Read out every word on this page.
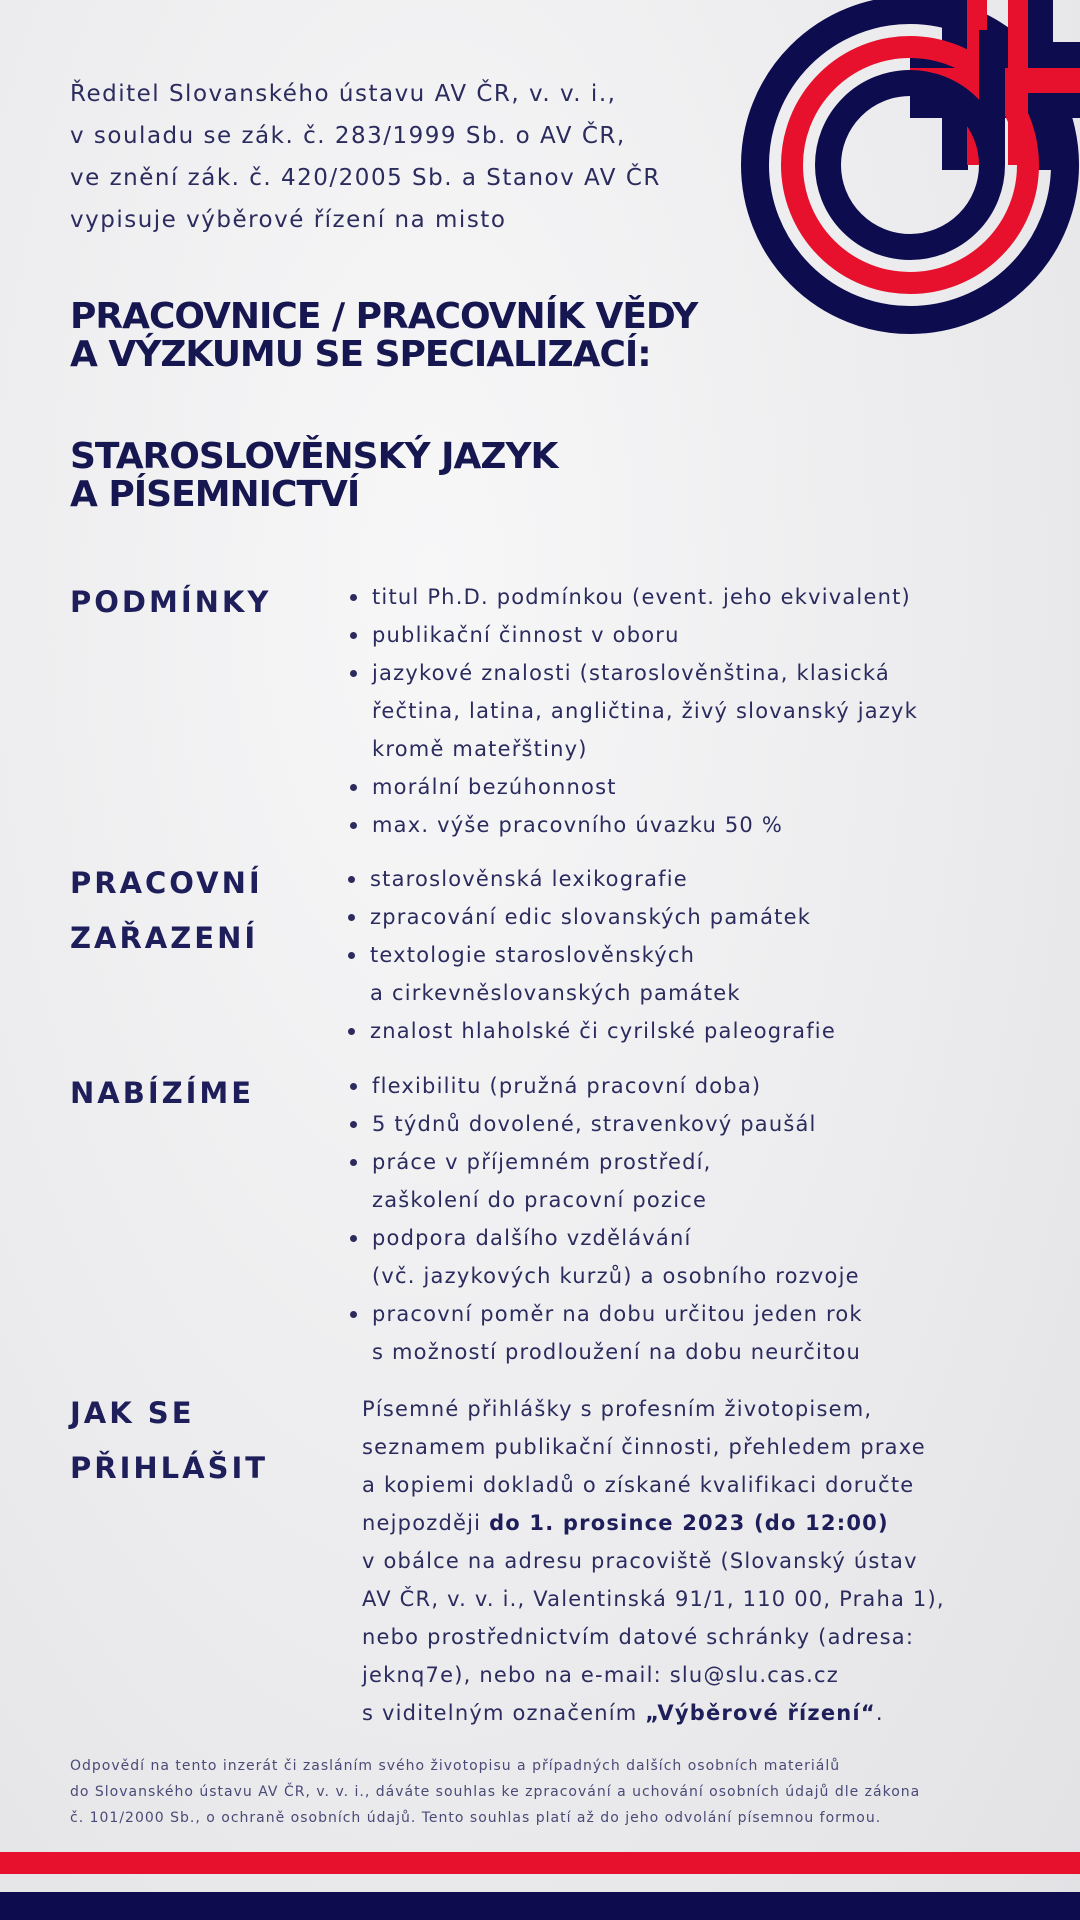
Ředitel Slovanského ústavu AV ČR, v. v. i.,
v souladu se zák. č. 283/1999 Sb. o AV ČR,
ve znění zák. č. 420/2005 Sb. a Stanov AV ČR
vypisuje výběrové řízení na misto
PRACOVNICE / PRACOVNÍK VĚDY
A VÝZKUMU SE SPECIALIZACÍ:
STAROSLOVĚNSKÝ JAZYK
A PÍSEMNICTVÍ
PODMÍNKY	titul Ph.D. podmínkou (event. jeho ekvivalent)
publikační činnost v oboru
jazykové znalosti (staroslověnština, klasická
řečtina, latina, angličtina, živý slovanský jazyk
kromě mateřštiny)
morální bezúhonnost
max. výše pracovního úvazku 50 %
PRACOVNÍ
ZAŘAZENÍ
staroslověnská lexikografie
zpracování edic slovanských památek
textologie staroslověnských
a cirkevněslovanských památek
znalost hlaholské či cyrilské paleografie
NABÍZÍME	flexibilitu (pružná pracovní doba)
5 týdnů dovolené, stravenkový paušál
práce v příjemném prostředí,
zaškolení do pracovní pozice
podpora dalšího vzdělávání
(vč. jazykových kurzů) a osobního rozvoje
pracovní poměr na dobu určitou jeden rok
s možností prodloužení na dobu neurčitou
JAK SE
PŘIHLÁŠIT
Písemné přihlášky s profesním životopisem,
seznamem publikační činnosti, přehledem praxe
a kopiemi dokladů o získané kvalifikaci doručte
nejpozději do 1. prosince 2023 (do 12:00)
v obálce na adresu pracoviště (Slovanský ústav
AV ČR, v. v. i., Valentinská 91/1, 110 00, Praha 1),
nebo prostřednictvím datové schránky (adresa:
jeknq7e), nebo na e-mail: slu@slu.cas.cz
s viditelným označením „Výběrové řízení“.
Odpovědí na tento inzerát či zasláním svého životopisu a případných dalších osobních materiálů
do Slovanského ústavu AV ČR, v. v. i., dáváte souhlas ke zpracování a uchování osobních údajů dle zákona
č. 101/2000 Sb., o ochraně osobních údajů. Tento souhlas platí až do jeho odvolání písemnou formou.
